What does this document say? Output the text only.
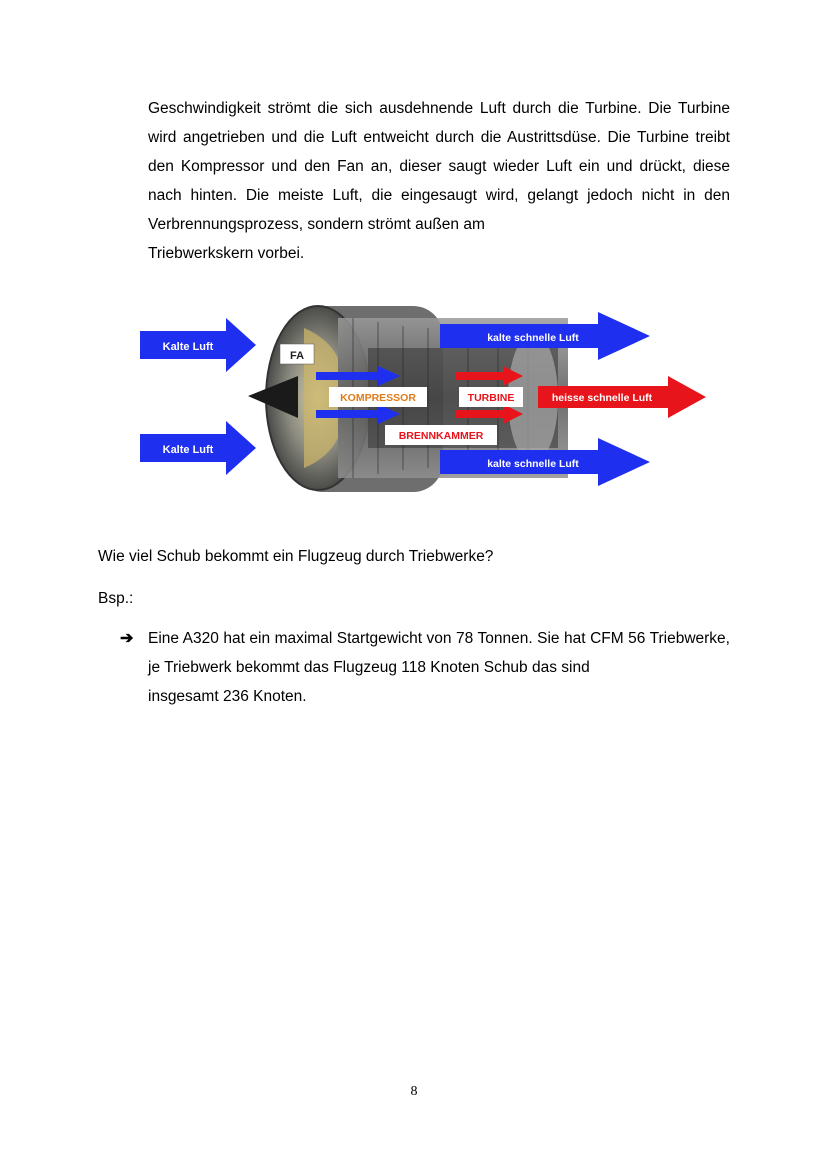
Geschwindigkeit strömt die sich ausdehnende Luft durch die Turbine. Die Turbine wird angetrieben und die Luft entweicht durch die Austrittsdüse. Die Turbine treibt den Kompressor und den Fan an, dieser saugt wieder Luft ein und drückt, diese nach hinten. Die meiste Luft, die eingesaugt wird, gelangt jedoch nicht in den Verbrennungsprozess, sondern strömt außen am
Triebwerkskern vorbei.
Kalte Luft
Kalte Luft
kalte schnelle Luft
kalte schnelle Luft
heisse schnelle Luft
FA
KOMPRESSOR	TURBINE
BRENNKAMMER

Wie viel Schub bekommt ein Flugzeug durch Triebwerke?

Bsp.:

➔ Eine A320 hat ein maximal Startgewicht von 78 Tonnen. Sie hat CFM 56 Triebwerke, je Triebwerk bekommt das Flugzeug 118 Knoten Schub das sind
insgesamt 236 Knoten.
8
